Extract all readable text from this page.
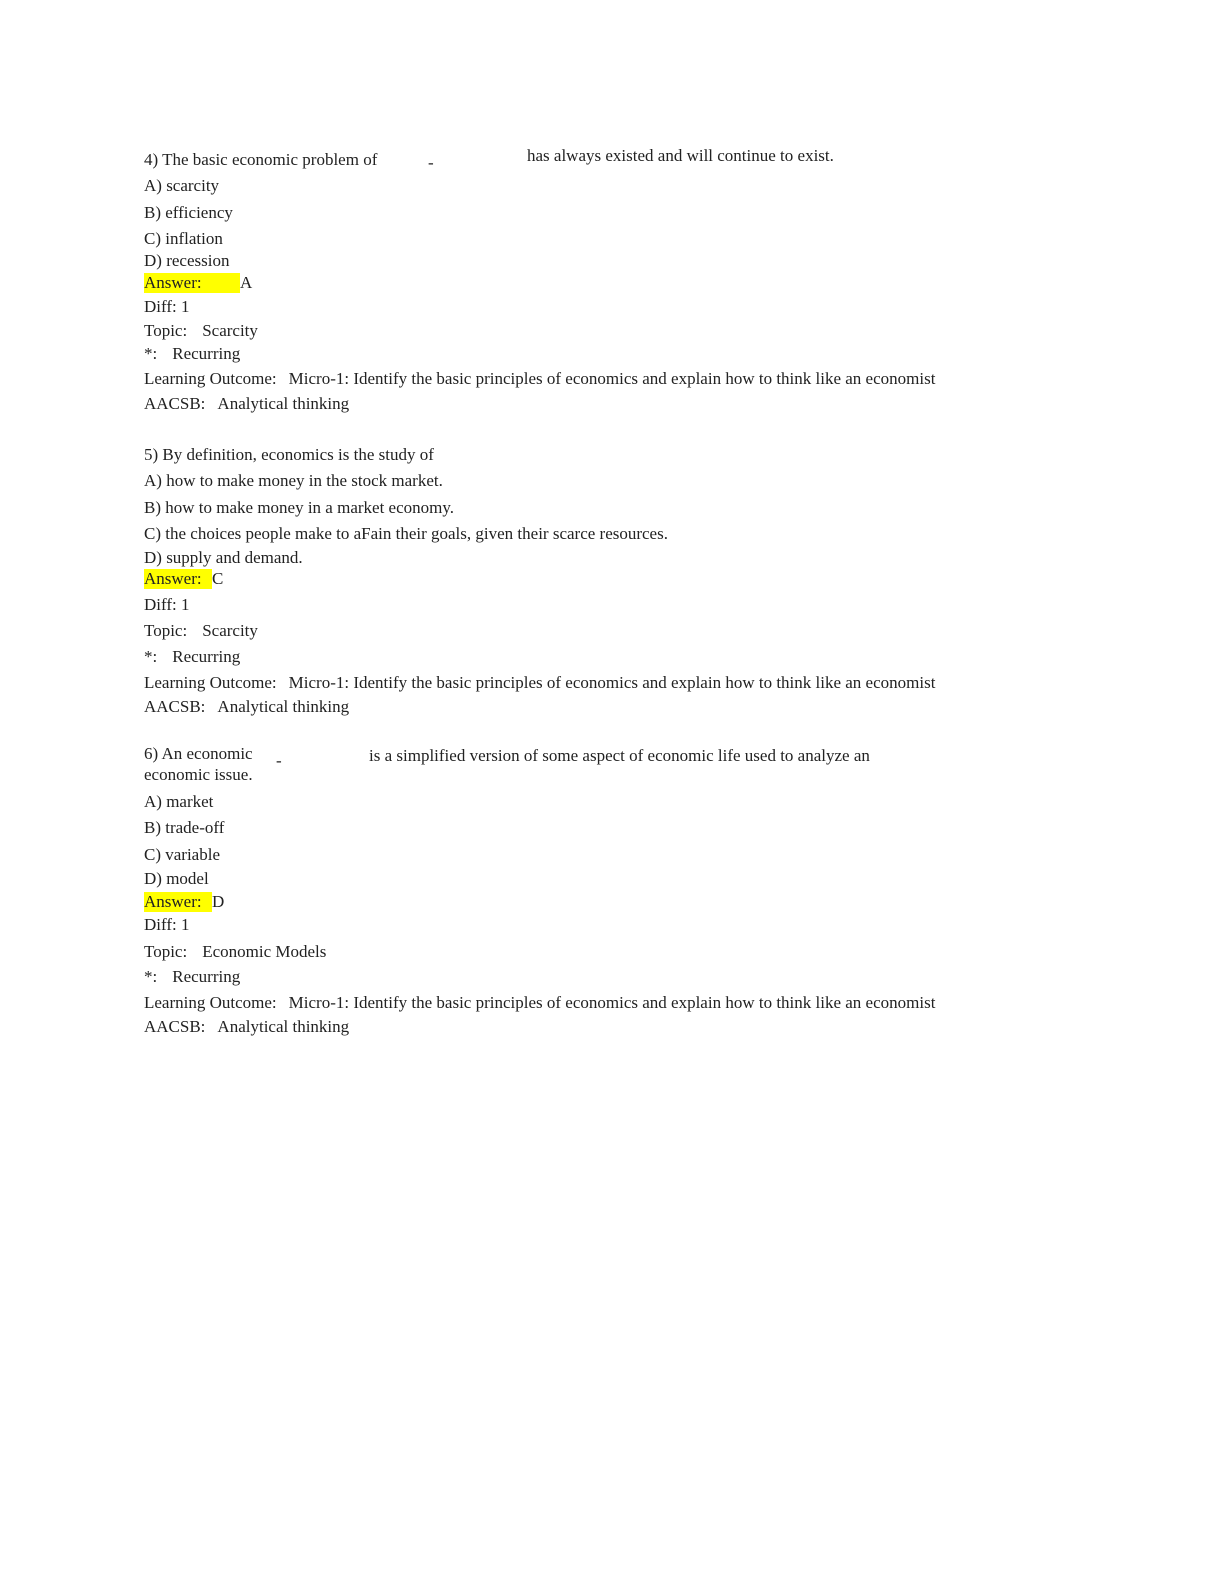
4) The basic economic problem of	-	has always existed and will continue to exist.
A) scarcity
B) efficiency
C) inflation
D) recession
Answer: A
Diff: 1
Topic: Scarcity
*: Recurring
Learning Outcome: Micro-1: Identify the basic principles of economics and explain how to think like an economist
AACSB: Analytical thinking
5) By definition, economics is the study of
A) how to make money in the stock market.
B) how to make money in a market economy.
C) the choices people make to aFain their goals, given their scarce resources.
D) supply and demand.
Answer: C
Diff: 1
Topic: Scarcity
*: Recurring
Learning Outcome: Micro-1: Identify the basic principles of economics and explain how to think like an economist
AACSB: Analytical thinking
6) An economic -	is a simplified version of some aspect of economic life used to analyze an
economic issue.
A) market
B) trade-off
C) variable
D) model
Answer: D
Diff: 1
Topic: Economic Models
*: Recurring
Learning Outcome: Micro-1: Identify the basic principles of economics and explain how to think like an economist
AACSB: Analytical thinking
